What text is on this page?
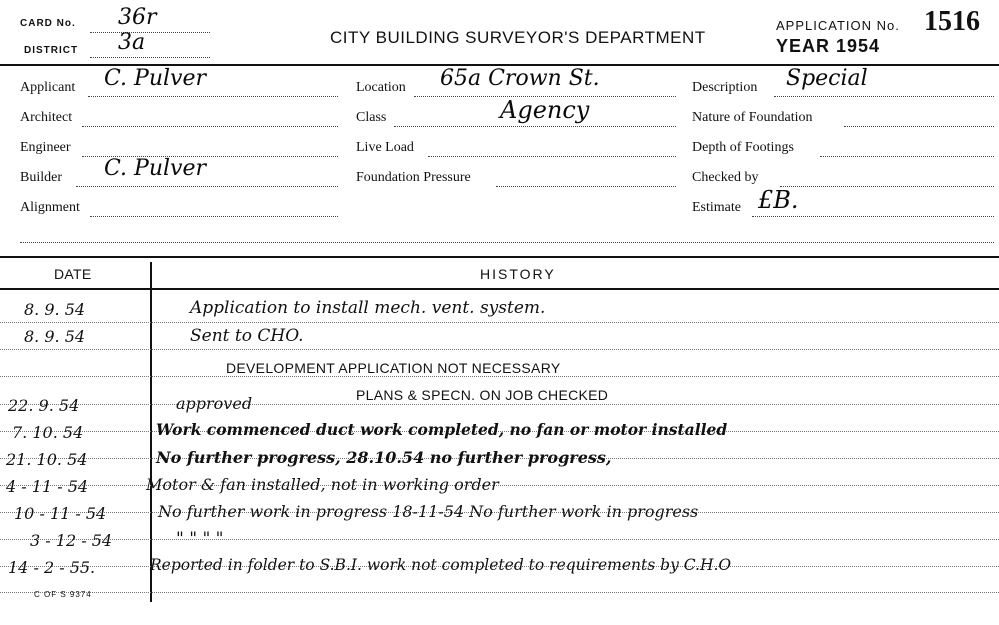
CARD No. 36r
DISTRICT 3a	CITY BUILDING SURVEYOR'S DEPARTMENT
APPLICATION No. 1516
YEAR 1954
Applicant C. Pulver
Architect
Engineer
Builder C. Pulver
Alignment
Location 65a Crown St.
Class	Agency
Live Load
Foundation Pressure
Description Special
Nature of Foundation
Depth of Footings
Checked by
Estimate £B.
DATE	HISTORY
8. 9. 54	Application to install mech. vent. system.
8. 9. 54	Sent to CHO.
DEVELOPMENT APPLICATION NOT NECESSARY
PLANS & SPECN. ON JOB CHECKED
22. 9. 54	approved
7. 10. 54	Work commenced duct work completed, no fan or motor installed
21. 10. 54	No further progress, 28.10.54 no further progress,
4 - 11 - 54	Motor & fan installed, not in working order
10 - 11 - 54	No further work in progress 18-11-54 No further work in progress
3 - 12 - 54	" " " "
14 - 2 - 55.	Reported in folder to S.B.I. work not completed to requirements by C.H.O
C OF S 9374
